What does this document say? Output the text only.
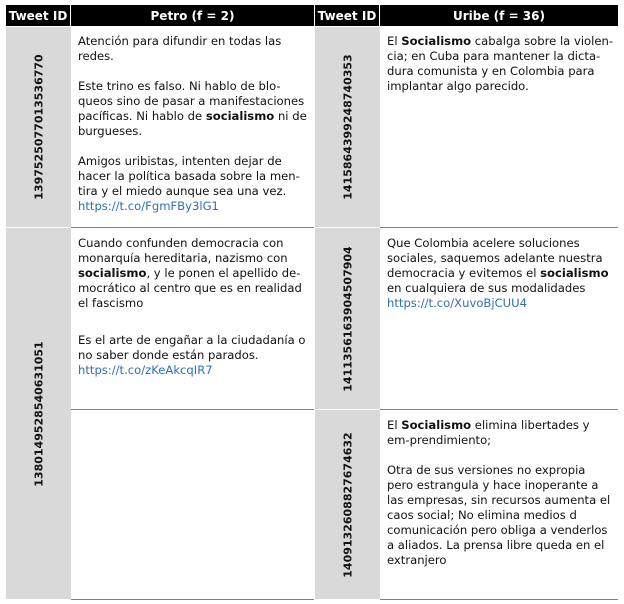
Tweet ID
1397525077013536770
1380149528540631051
Petro (f = 2)

Atención para difundir en todas las redes.

Este trino es falso. Ni hablo de blo-queos sino de pasar a manifestaciones pacíficas. Ni hablo de socialismo ni de burgueses.

Amigos uribistas, intenten dejar de hacer la política basada sobre la men-tira y el miedo aunque sea una vez.

https://t.co/FgmFBy3lG1

Cuando confunden democracia con monarquía hereditaria, nazismo con socialismo, y le ponen el apellido de-mocrático al centro que es en realidad el fascismo

Es el arte de engañar a la ciudadanía o no saber donde están parados.

https://t.co/zKeAkcqIR7

Tweet ID
1415864399248740353
1411356163904507904
1409132608827674632
Uribe (f = 36)

El Socialismo cabalga sobre la violen-cia; en Cuba para mantener la dicta-dura comunista y en Colombia para implantar algo parecido.

Que Colombia acelere soluciones sociales, saquemos adelante nuestra democracia y evitemos el socialismo en cualquiera de sus modalidades

https://t.co/XuvoBjCUU4

El Socialismo elimina libertades y em-prendimiento;

Otra de sus versiones no expropia pero estrangula y hace inoperante a las empresas, sin recursos aumenta el caos social; No elimina medios d comunicación pero obliga a venderlos a aliados. La prensa libre queda en el extranjero
